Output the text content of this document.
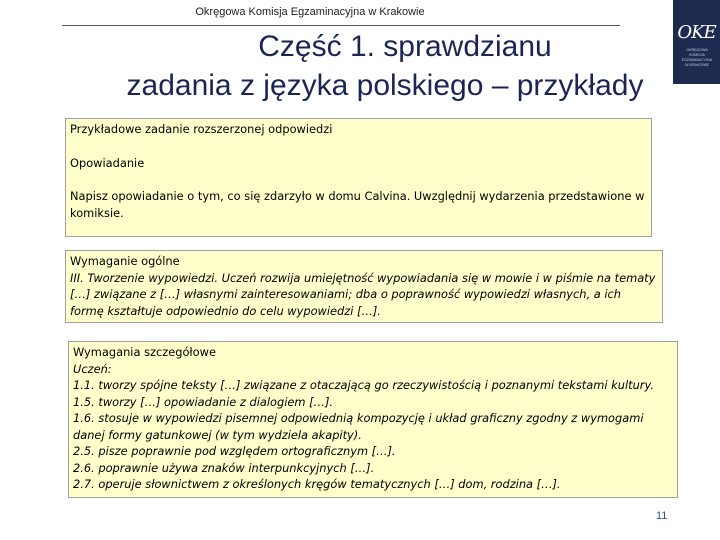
Okręgowa Komisja Egzaminacyjna w Krakowie
OKE
OKRĘGOWA
KOMISJA
EGZAMINACYJNA
W KRAKOWIE
Część 1. sprawdzianu
zadania z języka polskiego – przykłady

Przykładowe zadanie rozszerzonej odpowiedzi

Opowiadanie

Napisz opowiadanie o tym, co się zdarzyło w domu Calvina. Uwzględnij wydarzenia przedstawione w komiksie.

Wymaganie ogólne

III. Tworzenie wypowiedzi. Uczeń rozwija umiejętność wypowiadania się w mowie i w piśmie na tematy […] związane z […] własnymi zainteresowaniami; dba o poprawność wypowiedzi własnych, a ich formę kształtuje odpowiednio do celu wypowiedzi […].

Wymagania szczegółowe

Uczeń:

1.1. tworzy spójne teksty […] związane z otaczającą go rzeczywistością i poznanymi tekstami kultury.

1.5. tworzy […] opowiadanie z dialogiem […].

1.6. stosuje w wypowiedzi pisemnej odpowiednią kompozycję i układ graficzny zgodny z wymogami danej formy gatunkowej (w tym wydziela akapity).

2.5. pisze poprawnie pod względem ortograficznym […].

2.6. poprawnie używa znaków interpunkcyjnych […].

2.7. operuje słownictwem z określonych kręgów tematycznych […] dom, rodzina […].

11
